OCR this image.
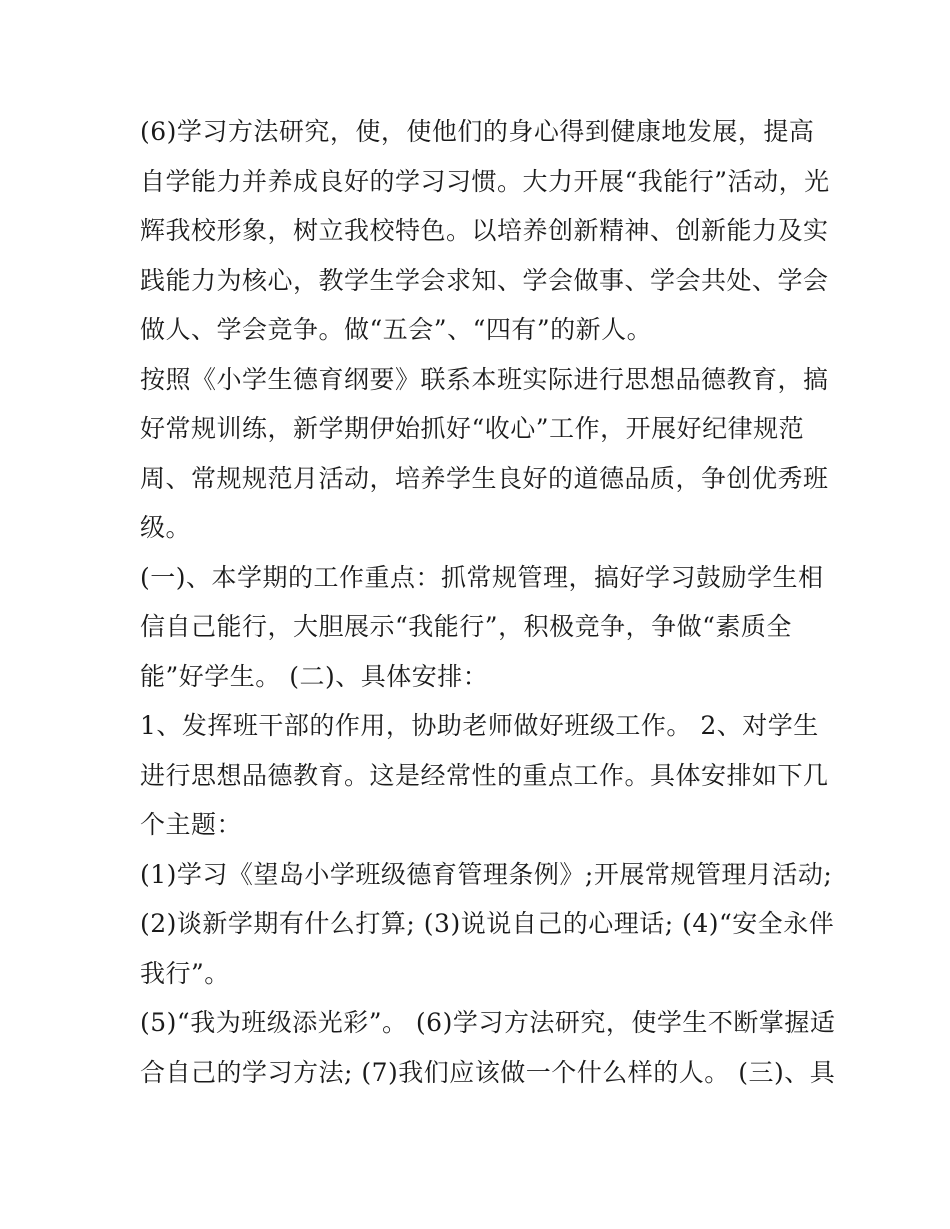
(6)学习方法研究，使，使他们的身心得到健康地发展，提高
自学能力并养成良好的学习习惯。大力开展“我能行”活动，光
辉我校形象，树立我校特色。以培养创新精神、创新能力及实
践能力为核心，教学生学会求知、学会做事、学会共处、学会
做人、学会竞争。做“五会”、“四有”的新人。

按照《小学生德育纲要》联系本班实际进行思想品德教育，搞
好常规训练，新学期伊始抓好“收心”工作，开展好纪律规范
周、常规规范月活动，培养学生良好的道德品质，争创优秀班
级。

(一)、本学期的工作重点：抓常规管理，搞好学习鼓励学生相
信自己能行，大胆展示“我能行”，积极竞争，争做“素质全
能”好学生。 (二)、具体安排：

1、发挥班干部的作用，协助老师做好班级工作。 2、对学生
进行思想品德教育。这是经常性的重点工作。具体安排如下几
个主题：

(1)学习《望岛小学班级德育管理条例》;开展常规管理月活动;
(2)谈新学期有什么打算; (3)说说自己的心理话; (4)“安全永伴
我行”。

(5)“我为班级添光彩”。 (6)学习方法研究，使学生不断掌握适
合自己的学习方法; (7)我们应该做一个什么样的人。 (三)、具
